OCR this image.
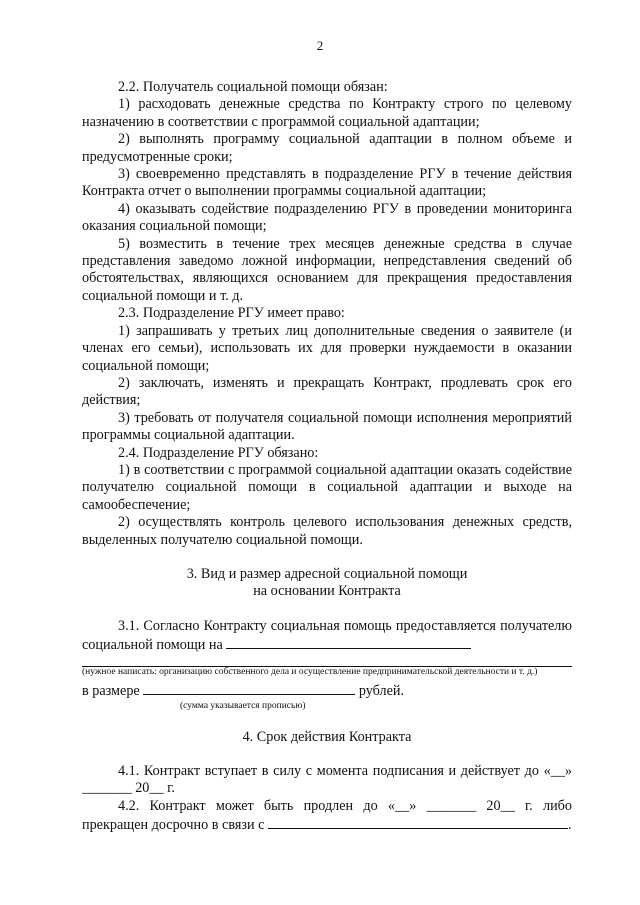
2

2.2. Получатель социальной помощи обязан:

1) расходовать денежные средства по Контракту строго по целевому назначению в соответствии с программой социальной адаптации;

2) выполнять программу социальной адаптации в полном объеме и предусмотренные сроки;

3) своевременно представлять в подразделение РГУ в течение действия Контракта отчет о выполнении программы социальной адаптации;

4) оказывать содействие подразделению РГУ в проведении мониторинга оказания социальной помощи;

5) возместить в течение трех месяцев денежные средства в случае представления заведомо ложной информации, непредставления сведений об обстоятельствах, являющихся основанием для прекращения предоставления социальной помощи и т. д.

2.3. Подразделение РГУ имеет право:

1) запрашивать у третьих лиц дополнительные сведения о заявителе (и членах его семьи), использовать их для проверки нуждаемости в оказании социальной помощи;

2) заключать, изменять и прекращать Контракт, продлевать срок его действия;

3) требовать от получателя социальной помощи исполнения мероприятий программы социальной адаптации.

2.4. Подразделение РГУ обязано:

1) в соответствии с программой социальной адаптации оказать содействие получателю социальной помощи в социальной адаптации и выходе на самообеспечение;

2) осуществлять контроль целевого использования денежных средств, выделенных получателю социальной помощи.

3. Вид и размер адресной социальной помощи

на основании Контракта

3.1. Согласно Контракту социальная помощь предоставляется получателю социальной помощи на

(нужное написать: организацию собственного дела и осуществление предпринимательской деятельности и т. д.)

в размере	рублей.

(сумма указывается прописью)

4. Срок действия Контракта

4.1. Контракт вступает в силу с момента подписания и действует до «__» _______ 20__ г.

4.2. Контракт может быть продлен до «__» _______ 20__ г. либо прекращен досрочно в связи с	.
